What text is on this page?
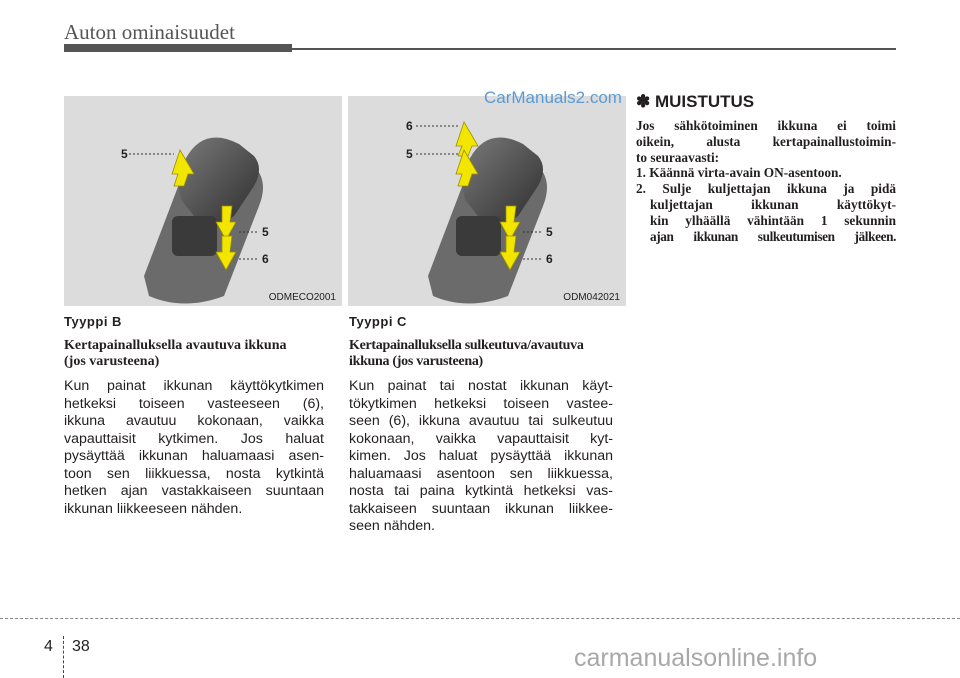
Auton ominaisuudet
5
5
6
ODMECO2001
6
5
5
6
ODM042021
CarManuals2.com
Tyyppi B
Kertapainalluksella avautuva ikkuna
(jos varusteena)

Kun painat ikkunan käyttökytkimen
hetkeksi toiseen vasteeseen (6),
ikkuna avautuu kokonaan, vaikka
vapauttaisit kytkimen. Jos haluat
pysäyttää ikkunan haluamaasi asen-
toon sen liikkuessa, nosta kytkintä
hetken ajan vastakkaiseen suuntaan
ikkunan liikkeeseen nähden.

Tyyppi C
Kertapainalluksella sulkeutuva/avautuva
ikkuna (jos varusteena)

Kun painat tai nostat ikkunan käyt-
tökytkimen hetkeksi toiseen vastee-
seen (6), ikkuna avautuu tai sulkeutuu
kokonaan, vaikka vapauttaisit kyt-
kimen. Jos haluat pysäyttää ikkunan
haluamaasi asentoon sen liikkuessa,
nosta tai paina kytkintä hetkeksi vas-
takkaiseen suuntaan ikkunan liikkee-
seen nähden.

✽ MUISTUTUS
Jos sähkötoiminen ikkuna ei toimi
oikein, alusta kertapainallustoimin-
to seuraavasti:
1. Käännä virta-avain ON-asentoon.
2. Sulje kuljettajan ikkuna ja pidä
kuljettajan ikkunan käyttökyt-
kin ylhäällä vähintään 1 sekunnin
ajan ikkunan sulkeutumisen jälkeen.
4 38	carmanualsonline.info
